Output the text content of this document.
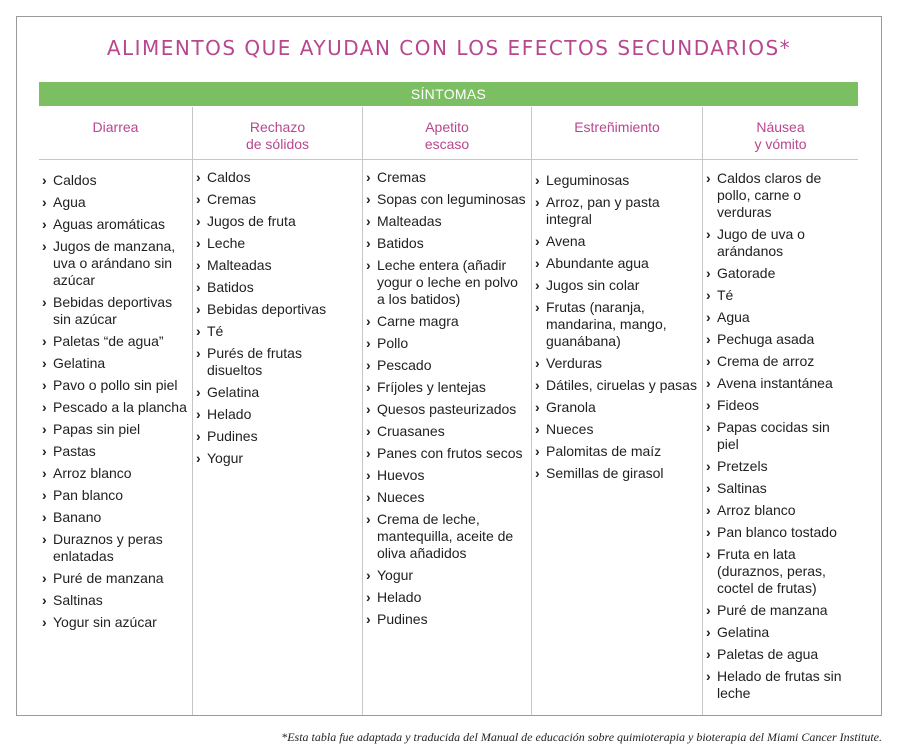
ALIMENTOS QUE AYUDAN CON LOS EFECTOS SECUNDARIOS*
SÍNTOMAS
Diarrea
› Caldos
› Agua
› Aguas aromáticas
› Jugos de manzana, uva o arándano sin azúcar
› Bebidas deportivas sin azúcar
› Paletas “de agua”
› Gelatina
› Pavo o pollo sin piel
› Pescado a la plancha
› Papas sin piel
› Pastas
› Arroz blanco
› Pan blanco
› Banano
› Duraznos y peras enlatadas
› Puré de manzana
› Saltinas
› Yogur sin azúcar
Rechazo
de sólidos
› Caldos
› Cremas
› Jugos de fruta
› Leche
› Malteadas
› Batidos
› Bebidas deportivas
› Té
› Purés de frutas disueltos
› Gelatina
› Helado
› Pudines
› Yogur
Apetito
escaso
› Cremas
› Sopas con leguminosas
› Malteadas
› Batidos
› Leche entera (añadir yogur o leche en polvo a los batidos)
› Carne magra
› Pollo
› Pescado
› Fríjoles y lentejas
› Quesos pasteurizados
› Cruasanes
› Panes con frutos secos
› Huevos
› Nueces
› Crema de leche, mantequilla, aceite de oliva añadidos
› Yogur
› Helado
› Pudines
Estreñimiento
› Leguminosas
› Arroz, pan y pasta integral
› Avena
› Abundante agua
› Jugos sin colar
› Frutas (naranja, mandarina, mango, guanábana)
› Verduras
› Dátiles, ciruelas y pasas
› Granola
› Nueces
› Palomitas de maíz
› Semillas de girasol
Náusea
y vómito
› Caldos claros de pollo, carne o verduras
› Jugo de uva o arándanos
› Gatorade
› Té
› Agua
› Pechuga asada
› Crema de arroz
› Avena instantánea
› Fideos
› Papas cocidas sin piel
› Pretzels
› Saltinas
› Arroz blanco
› Pan blanco tostado
› Fruta en lata (duraznos, peras, coctel de frutas)
› Puré de manzana
› Gelatina
› Paletas de agua
› Helado de frutas sin leche
*Esta tabla fue adaptada y traducida del Manual de educación sobre quimioterapia y bioterapia del Miami Cancer Institute.
